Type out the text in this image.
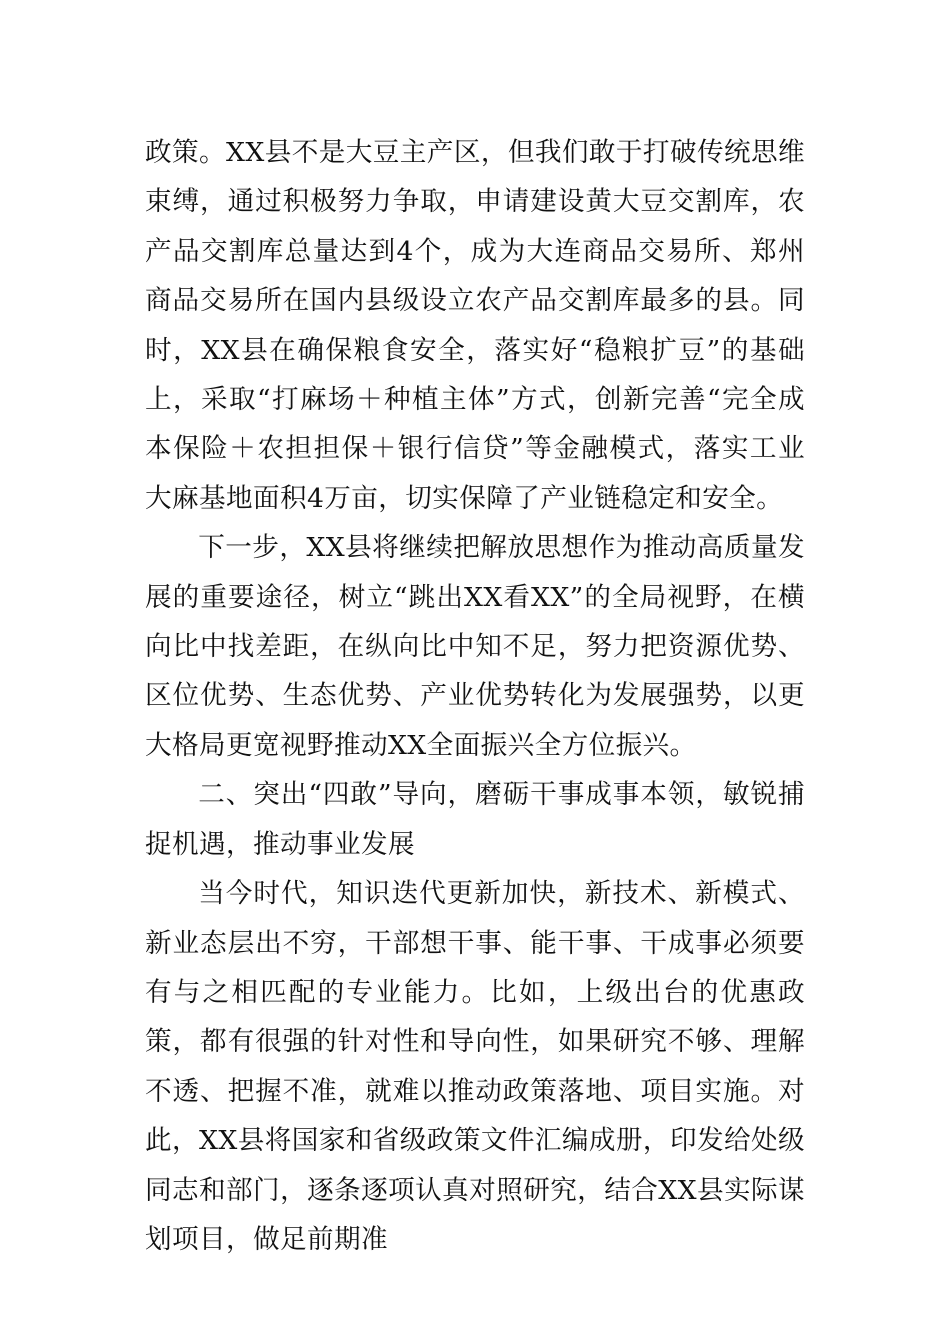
政策。XX县不是大豆主产区，但我们敢于打破传统思维束缚，通过积极努力争取，申请建设黄大豆交割库，农产品交割库总量达到4个，成为大连商品交易所、郑州商品交易所在国内县级设立农产品交割库最多的县。同时，XX县在确保粮食安全，落实好“稳粮扩豆”的基础上，采取“打麻场＋种植主体”方式，创新完善“完全成本保险＋农担担保＋银行信贷”等金融模式，落实工业大麻基地面积4万亩，切实保障了产业链稳定和安全。

下一步，XX县将继续把解放思想作为推动高质量发展的重要途径，树立“跳出XX看XX”的全局视野，在横向比中找差距，在纵向比中知不足，努力把资源优势、区位优势、生态优势、产业优势转化为发展强势，以更大格局更宽视野推动XX全面振兴全方位振兴。

二、突出“四敢”导向，磨砺干事成事本领，敏锐捕捉机遇，推动事业发展

当今时代，知识迭代更新加快，新技术、新模式、新业态层出不穷，干部想干事、能干事、干成事必须要有与之相匹配的专业能力。比如，上级出台的优惠政策，都有很强的针对性和导向性，如果研究不够、理解不透、把握不准，就难以推动政策落地、项目实施。对此，XX县将国家和省级政策文件汇编成册，印发给处级同志和部门，逐条逐项认真对照研究，结合XX县实际谋划项目，做足前期准
